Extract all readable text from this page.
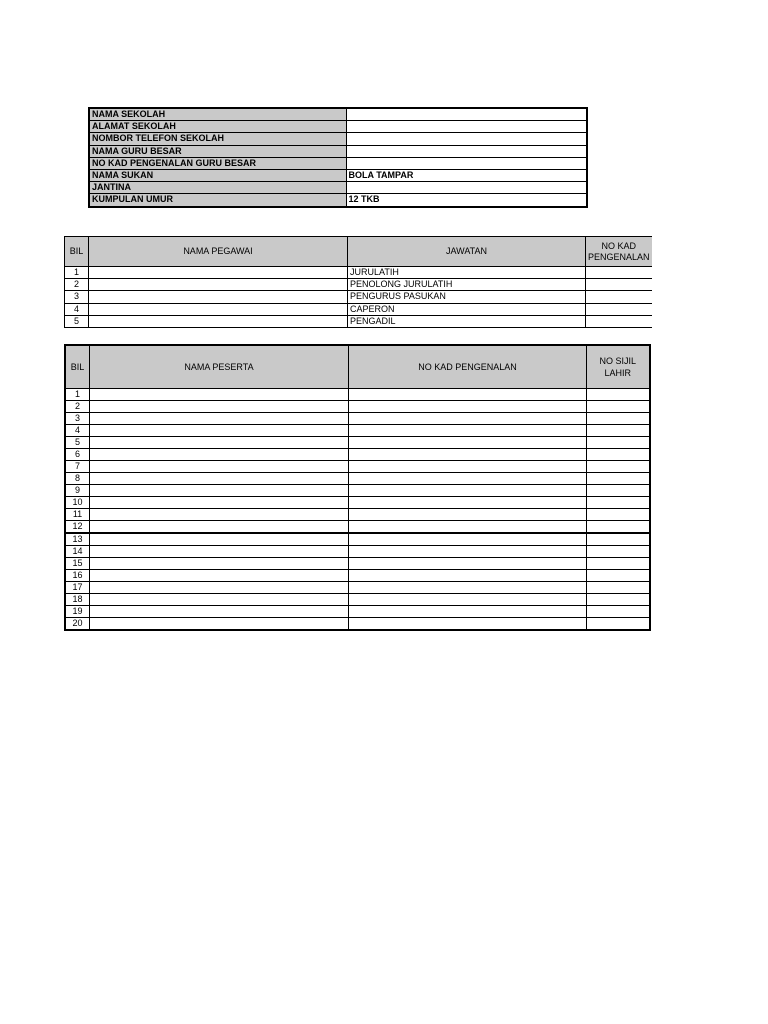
NAMA SEKOLAH	
ALAMAT SEKOLAH	
NOMBOR TELEFON SEKOLAH	
NAMA GURU BESAR	
NO KAD PENGENALAN GURU BESAR	
NAMA SUKAN	BOLA TAMPAR
JANTINA	
KUMPULAN UMUR	12 TKB
BIL	NAMA PEGAWAI	JAWATAN	NO KAD PENGENALAN
1		JURULATIH	
2		PENOLONG JURULATIH	
3		PENGURUS PASUKAN	
4		CAPERON	
5		PENGADIL	
BIL	NAMA PESERTA	NO KAD PENGENALAN	NO SIJIL LAHIR
1			
2			
3			
4			
5			
6			
7			
8			
9			
10			
11			
12			
13			
14			
15			
16			
17			
18			
19			
20			
